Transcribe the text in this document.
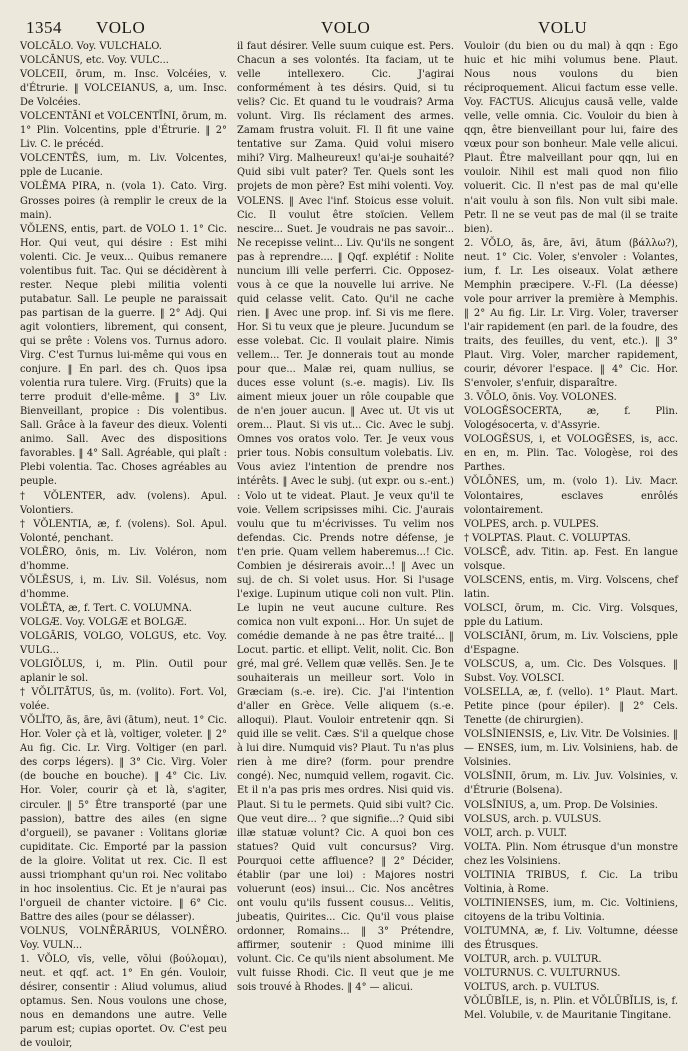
1354 VOLO	VOLO	VOLU

VOLCĀLO. Voy. VULCHALO.

VOLCĀNUS, etc. Voy. VULC...

VOLCEII, ōrum, m. Insc. Volcéies, v. d'Étrurie. ‖ VOLCEIANUS, a, um. Insc. De Volcéies.

VOLCENTĀNI et VOLCENTĪNI, ōrum, m. 1° Plin. Volcentins, pple d'Étrurie. ‖ 2° Liv. C. le précéd.

VOLCENTĒS, ium, m. Liv. Volcentes, pple de Lucanie.

VOLĒMA PIRA, n. (vola 1). Cato. Virg. Grosses poires (à remplir le creux de la main).

VŎLENS, entis, part. de VOLO 1. 1° Cic. Hor. Qui veut, qui désire : Est mihi volenti. Cic. Je veux... Quibus remanere volentibus fuit. Tac. Qui se décidèrent à rester. Neque plebi militia volenti putabatur. Sall. Le peuple ne paraissait pas partisan de la guerre. ‖ 2° Adj. Qui agit volontiers, librement, qui consent, qui se prête : Volens vos. Turnus adoro. Virg. C'est Turnus lui-même qui vous en conjure. ‖ En parl. des ch. Quos ipsa volentia rura tulere. Virg. (Fruits) que la terre produit d'elle-même. ‖ 3° Liv. Bienveillant, propice : Dis volentibus. Sall. Grâce à la faveur des dieux. Volenti animo. Sall. Avec des dispositions favorables. ‖ 4° Sall. Agréable, qui plaît : Plebi volentia. Tac. Choses agréables au peuple.

† VŎLENTER, adv. (volens). Apul. Volontiers.

† VŎLENTIA, æ, f. (volens). Sol. Apul. Volonté, penchant.

VOLĒRO, ōnis, m. Liv. Voléron, nom d'homme.

VŎLĒSUS, i, m. Liv. Sil. Volésus, nom d'homme.

VOLĒTA, æ, f. Tert. C. VOLUMNA.

VOLGÆ. Voy. VOLGÆ et BOLGÆ.

VOLGĀRIS, VOLGO, VOLGUS, etc. Voy. VULG...

VOLGIŎLUS, i, m. Plin. Outil pour aplanir le sol.

† VŎLITĀTUS, ūs, m. (volito). Fort. Vol, volée.

VŎLĬTO, ās, āre, āvi (ātum), neut. 1° Cic. Hor. Voler çà et là, voltiger, voleter. ‖ 2° Au fig. Cic. Lr. Virg. Voltiger (en parl. des corps légers). ‖ 3° Cic. Virg. Voler (de bouche en bouche). ‖ 4° Cic. Liv. Hor. Voler, courir çà et là, s'agiter, circuler. ‖ 5° Être transporté (par une passion), battre des ailes (en signe d'orgueil), se pavaner : Volitans gloriæ cupiditate. Cic. Emporté par la passion de la gloire. Volitat ut rex. Cic. Il est aussi triomphant qu'un roi. Nec volitabo in hoc insolentius. Cic. Et je n'aurai pas l'orgueil de chanter victoire. ‖ 6° Cic. Battre des ailes (pour se délasser).

VOLNUS, VOLNĒRĀRIUS, VOLNĔRO. Voy. VULN...

1. VŎLO, vīs, velle, vŏlui (βούλομαι), neut. et qqf. act. 1° En gén. Vouloir, désirer, consentir : Aliud volumus, aliud optamus. Sen. Nous voulons une chose, nous en demandons une autre. Velle parum est; cupias oportet. Ov. C'est peu de vouloir,

il faut désirer. Velle suum cuique est. Pers. Chacun a ses volontés. Ita faciam, ut te velle intellexero. Cic. J'agirai conformément à tes désirs. Quid, si tu velis? Cic. Et quand tu le voudrais? Arma volunt. Virg. Ils réclament des armes. Zamam frustra voluit. Fl. Il fit une vaine tentative sur Zama. Quid volui misero mihi? Virg. Malheureux! qu'ai-je souhaité? Quid sibi vult pater? Ter. Quels sont les projets de mon père? Est mihi volenti. Voy. VOLENS. ‖ Avec l'inf. Stoicus esse voluit. Cic. Il voulut être stoïcien. Vellem nescire... Suet. Je voudrais ne pas savoir... Ne recepisse velint... Liv. Qu'ils ne songent pas à reprendre.... ‖ Qqf. explétif : Nolite nuncium illi velle perferri. Cic. Opposez-vous à ce que la nouvelle lui arrive. Ne quid celasse velit. Cato. Qu'il ne cache rien. ‖ Avec une prop. inf. Si vis me flere. Hor. Si tu veux que je pleure. Jucundum se esse volebat. Cic. Il voulait plaire. Nimis vellem... Ter. Je donnerais tout au monde pour que... Malæ rei, quam nullius, se duces esse volunt (s.-e. magis). Liv. Ils aiment mieux jouer un rôle coupable que de n'en jouer aucun. ‖ Avec ut. Ut vis ut orem... Plaut. Si vis ut... Cic. Avec le subj. Omnes vos oratos volo. Ter. Je veux vous prier tous. Nobis consultum volebatis. Liv. Vous aviez l'intention de prendre nos intérêts. ‖ Avec le subj. (ut expr. ou s.-ent.) : Volo ut te videat. Plaut. Je veux qu'il te voie. Vellem scripsisses mihi. Cic. J'aurais voulu que tu m'écrivisses. Tu velim nos defendas. Cic. Prends notre défense, je t'en prie. Quam vellem haberemus...! Cic. Combien je désirerais avoir...! ‖ Avec un suj. de ch. Si volet usus. Hor. Si l'usage l'exige. Lupinum utique coli non vult. Plin. Le lupin ne veut aucune culture. Res comica non vult exponi... Hor. Un sujet de comédie demande à ne pas être traité... ‖ Locut. partic. et ellipt. Velit, nolit. Cic. Bon gré, mal gré. Vellem quæ vellēs. Sen. Je te souhaiterais un meilleur sort. Volo in Græciam (s.-e. ire). Cic. J'ai l'intention d'aller en Grèce. Velle aliquem (s.-e. alloqui). Plaut. Vouloir entretenir qqn. Si quid ille se velit. Cæs. S'il a quelque chose à lui dire. Numquid vis? Plaut. Tu n'as plus rien à me dire? (form. pour prendre congé). Nec, numquid vellem, rogavit. Cic. Et il n'a pas pris mes ordres. Nisi quid vis. Plaut. Si tu le permets. Quid sibi vult? Cic. Que veut dire... ? que signifie...? Quid sibi illæ statuæ volunt? Cic. A quoi bon ces statues? Quid vult concursus? Virg. Pourquoi cette affluence? ‖ 2° Décider, établir (par une loi) : Majores nostri voluerunt (eos) insui... Cic. Nos ancêtres ont voulu qu'ils fussent cousus... Velitis, jubeatis, Quirites... Cic. Qu'il vous plaise ordonner, Romains... ‖ 3° Prétendre, affirmer, soutenir : Quod minime illi volunt. Cic. Ce qu'ils nient absolument. Me vult fuisse Rhodi. Cic. Il veut que je me sois trouvé à Rhodes. ‖ 4° — alicui.

Vouloir (du bien ou du mal) à qqn : Ego huic et hic mihi volumus bene. Plaut. Nous nous voulons du bien réciproquement. Alicui factum esse velle. Voy. FACTUS. Alicujus causā velle, valde velle, velle omnia. Cic. Vouloir du bien à qqn, être bienveillant pour lui, faire des vœux pour son bonheur. Male velle alicui. Plaut. Être malveillant pour qqn, lui en vouloir. Nihil est mali quod non filio voluerit. Cic. Il n'est pas de mal qu'elle n'ait voulu à son fils. Non vult sibi male. Petr. Il ne se veut pas de mal (il se traite bien).

2. VŎLO, ās, āre, āvi, ātum (βάλλω?), neut. 1° Cic. Voler, s'envoler : Volantes, ium, f. Lr. Les oiseaux. Volat æthere Memphin præcipere. V.-Fl. (La déesse) vole pour arriver la première à Memphis. ‖ 2° Au fig. Lir. Lr. Virg. Voler, traverser l'air rapidement (en parl. de la foudre, des traits, des feuilles, du vent, etc.). ‖ 3° Plaut. Virg. Voler, marcher rapidement, courir, dévorer l'espace. ‖ 4° Cic. Hor. S'envoler, s'enfuir, disparaître.

3. VŌLO, ōnis. Voy. VOLONES.

VOLOGĔSOCERTA, æ, f. Plin. Vologésocerta, v. d'Assyrie.

VOLOGĔSUS, i, et VOLOGĔSES, is, acc. en en, m. Plin. Tac. Vologèse, roi des Parthes.

VŎLŌNES, um, m. (volo 1). Liv. Macr. Volontaires, esclaves enrôlés volontairement.

VOLPES, arch. p. VULPES.

† VOLPTAS. Plaut. C. VOLUPTAS.

VOLSCĒ, adv. Titin. ap. Fest. En langue volsque.

VOLSCENS, entis, m. Virg. Volscens, chef latin.

VOLSCI, ōrum, m. Cic. Virg. Volsques, pple du Latium.

VOLSCIĀNI, ōrum, m. Liv. Volsciens, pple d'Espagne.

VOLSCUS, a, um. Cic. Des Volsques. ‖ Subst. Voy. VOLSCI.

VOLSELLA, æ, f. (vello). 1° Plaut. Mart. Petite pince (pour épiler). ‖ 2° Cels. Tenette (de chirurgien).

VOLSĬNIENSIS, e, Liv. Vitr. De Volsinies. ‖ — ENSES, ium, m. Liv. Volsiniens, hab. de Volsinies.

VOLSĬNII, ōrum, m. Liv. Juv. Volsinies, v. d'Étrurie (Bolsena).

VOLSĬNIUS, a, um. Prop. De Volsinies.

VOLSUS, arch. p. VULSUS.

VOLT, arch. p. VULT.

VOLTA. Plin. Nom étrusque d'un monstre chez les Volsiniens.

VOLTINIA TRIBUS, f. Cic. La tribu Voltinia, à Rome.

VOLTINIENSES, ium, m. Cic. Voltiniens, citoyens de la tribu Voltinia.

VOLTUMNA, æ, f. Liv. Voltumne, déesse des Étrusques.

VOLTUR, arch. p. VULTUR.

VOLTURNUS. C. VULTURNUS.

VOLTUS, arch. p. VULTUS.

VŎLŪBĬLE, is, n. Plin. et VŎLŪBĬLIS, is, f. Mel. Volubile, v. de Mauritanie Tingitane.
